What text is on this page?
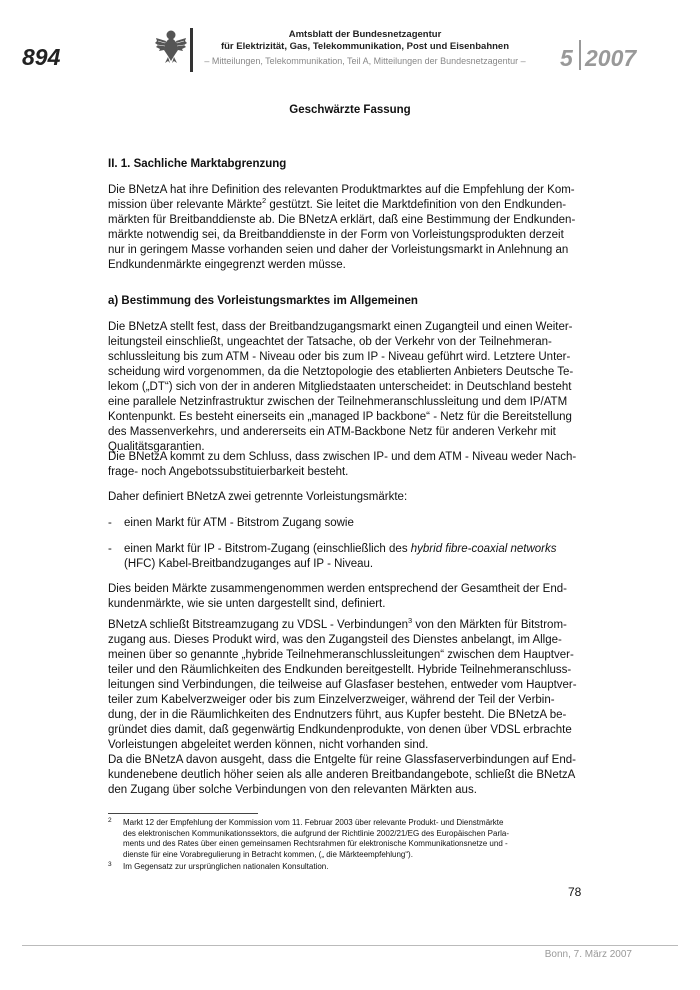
894
Amtsblatt der Bundesnetzagentur
für Elektrizität, Gas, Telekommunikation, Post und Eisenbahnen
– Mitteilungen, Telekommunikation, Teil A, Mitteilungen der Bundesnetzagentur – 5 2007
Geschwärzte Fassung
II. 1. Sachliche Marktabgrenzung
Die BNetzA hat ihre Definition des relevanten Produktmarktes auf die Empfehlung der Kom-
mission über relevante Märkte$^2$ gestützt. Sie leitet die Marktdefinition von den Endkunden-
märkten für Breitbanddienste ab. Die BNetzA erklärt, daß eine Bestimmung der Endkunden-
märkte notwendig sei, da Breitbanddienste in der Form von Vorleistungsprodukten derzeit
nur in geringem Masse vorhanden seien und daher der Vorleistungsmarkt in Anlehnung an
Endkundenmärkte eingegrenzt werden müsse.
a) Bestimmung des Vorleistungsmarktes im Allgemeinen
Die BNetzA stellt fest, dass der Breitbandzugangsmarkt einen Zugangteil und einen Weiter-
leitungsteil einschließt, ungeachtet der Tatsache, ob der Verkehr von der Teilnehmeran-
schlussleitung bis zum ATM - Niveau oder bis zum IP - Niveau geführt wird. Letztere Unter-
scheidung wird vorgenommen, da die Netztopologie des etablierten Anbieters Deutsche Te-
lekom („DT“) sich von der in anderen Mitgliedstaaten unterscheidet: in Deutschland besteht
eine parallele Netzinfrastruktur zwischen der Teilnehmeranschlussleitung und dem IP/ATM
Kontenpunkt. Es besteht einerseits ein „managed IP backbone“ - Netz für die Bereitstellung
des Massenverkehrs, und andererseits ein ATM-Backbone Netz für anderen Verkehr mit
Qualitätsgarantien.
Die BNetzA kommt zu dem Schluss, dass zwischen IP- und dem ATM - Niveau weder Nach-
frage- noch Angebotssubstituierbarkeit besteht.
Daher definiert BNetzA zwei getrennte Vorleistungsmärkte:
- einen Markt für ATM - Bitstrom Zugang sowie
- einen Markt für IP - Bitstrom-Zugang (einschließlich des hybrid fibre-coaxial networks
(HFC) Kabel-Breitbandzuganges auf IP - Niveau.
Dies beiden Märkte zusammengenommen werden entsprechend der Gesamtheit der End-
kundenmärkte, wie sie unten dargestellt sind, definiert.
BNetzA schließt Bitstreamzugang zu VDSL - Verbindungen$^3$ von den Märkten für Bitstrom-
zugang aus. Dieses Produkt wird, was den Zugangsteil des Dienstes anbelangt, im Allge-
meinen über so genannte „hybride Teilnehmeranschlussleitungen“ zwischen dem Hauptver-
teiler und den Räumlichkeiten des Endkunden bereitgestellt. Hybride Teilnehmeranschluss-
leitungen sind Verbindungen, die teilweise auf Glasfaser bestehen, entweder vom Hauptver-
teiler zum Kabelverzweiger oder bis zum Einzelverzweiger, während der Teil der Verbin-
dung, der in die Räumlichkeiten des Endnutzers führt, aus Kupfer besteht. Die BNetzA be-
gründet dies damit, daß gegenwärtig Endkundenprodukte, von denen über VDSL erbrachte
Vorleistungen abgeleitet werden können, nicht vorhanden sind.
Da die BNetzA davon ausgeht, dass die Entgelte für reine Glassfaserverbindungen auf End-
kundenebene deutlich höher seien als alle anderen Breitbandangebote, schließt die BNetzA
den Zugang über solche Verbindungen von den relevanten Märkten aus.
2 Markt 12 der Empfehlung der Kommission vom 11. Februar 2003 über relevante Produkt- und Dienstmärkte
des elektronischen Kommunikationssektors, die aufgrund der Richtlinie 2002/21/EG des Europäischen Parla-
ments und des Rates über einen gemeinsamen Rechtsrahmen für elektronische Kommunikationsnetze und -
dienste für eine Vorabregulierung in Betracht kommen, („ die Märkteempfehlung“).
3 Im Gegensatz zur ursprünglichen nationalen Konsultation.
78
Bonn, 7. März 2007
